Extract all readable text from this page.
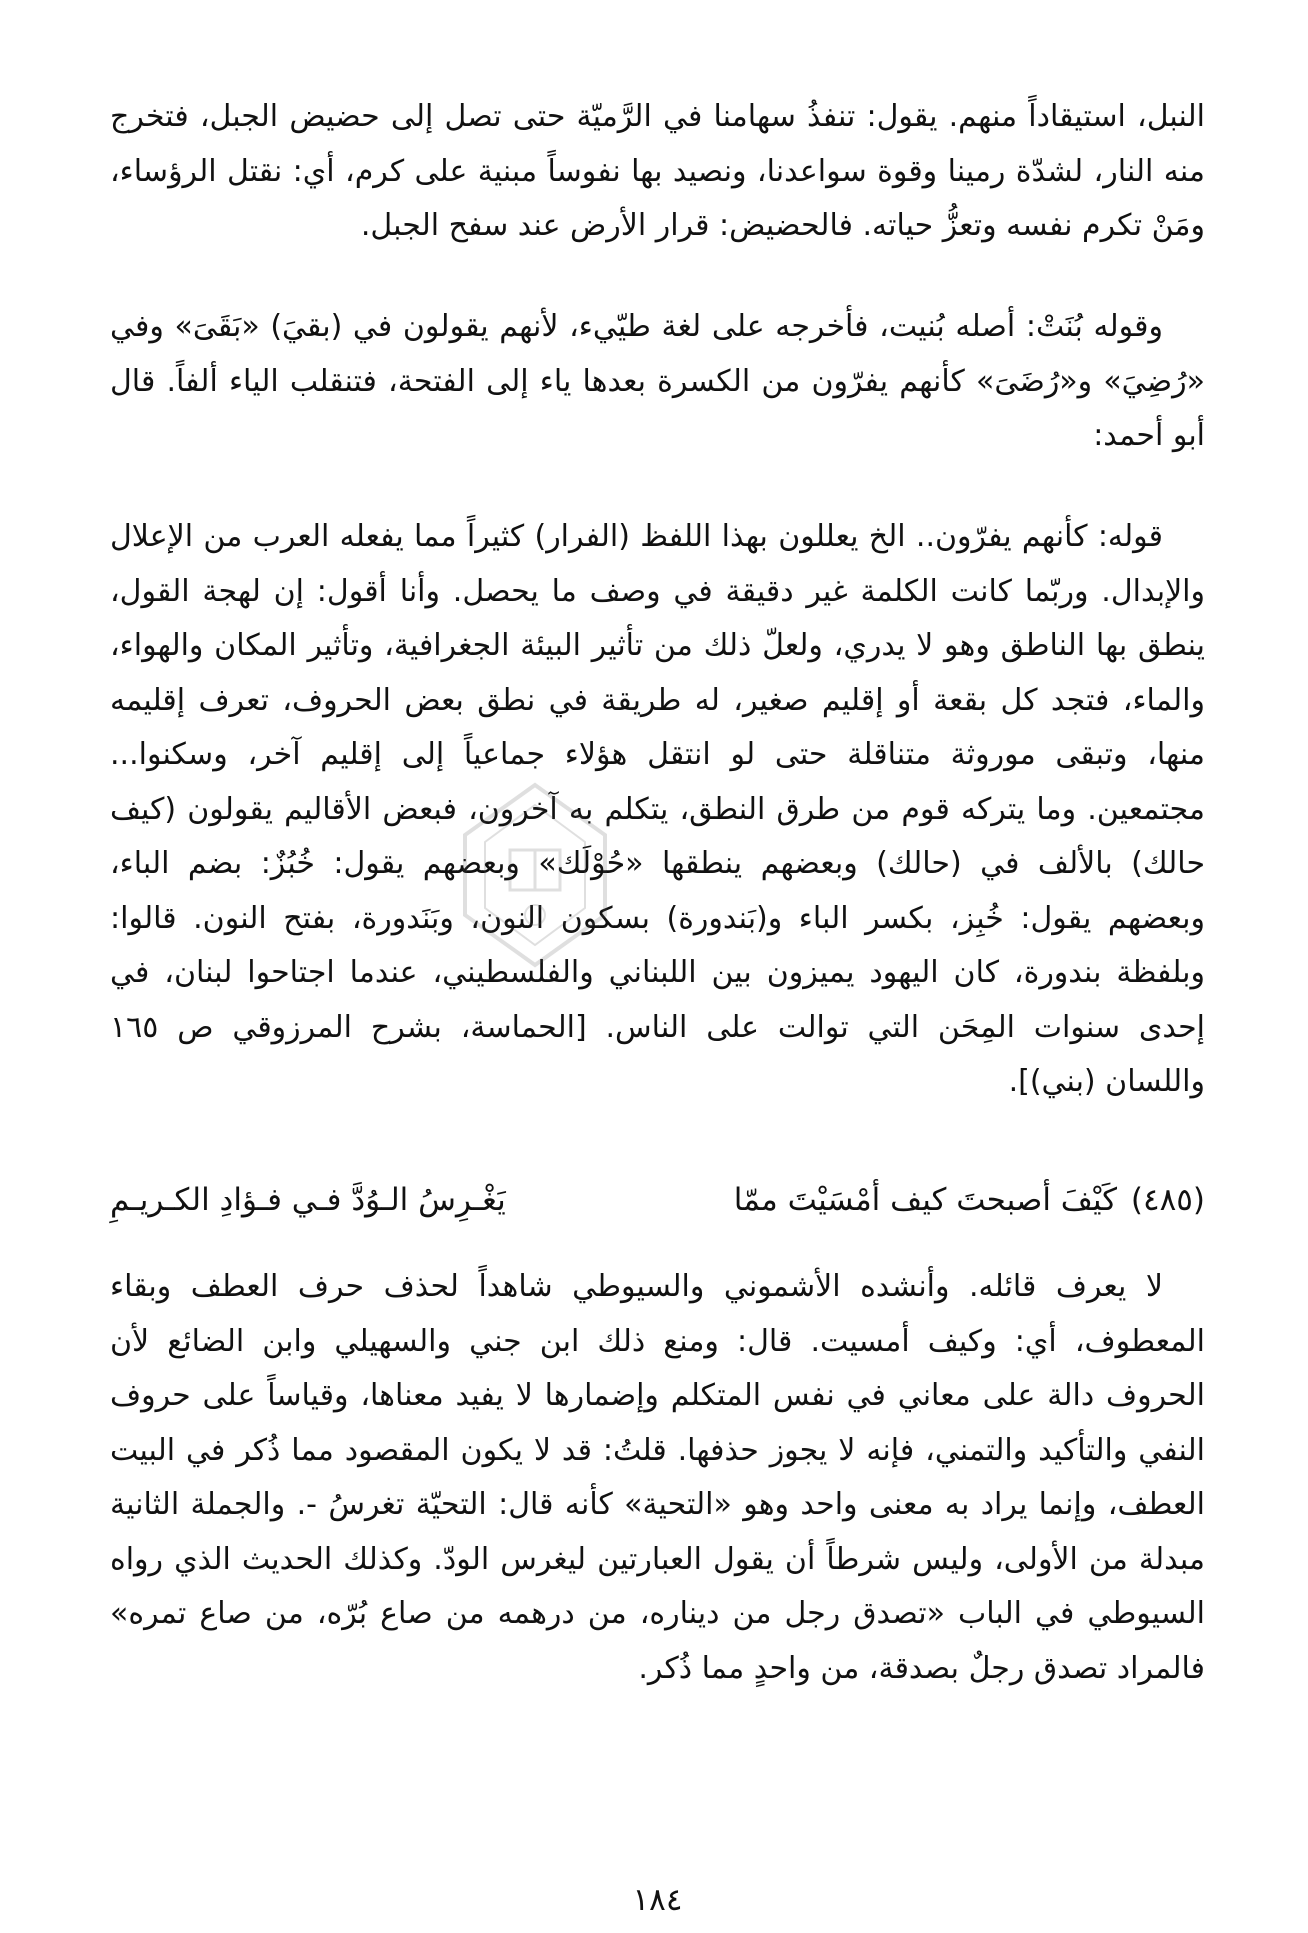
النبل، استيقاداً منهم. يقول: تنفذُ سهامنا في الرَّميّة حتى تصل إلى حضيض الجبل، فتخرج منه النار، لشدّة رمينا وقوة سواعدنا، ونصيد بها نفوساً مبنية على كرم، أي: نقتل الرؤساء، ومَنْ تكرم نفسه وتعزُّ حياته. فالحضيض: قرار الأرض عند سفح الجبل.

وقوله بُنَتْ: أصله بُنيت، فأخرجه على لغة طيّيء، لأنهم يقولون في (بقيَ) «بَقَىَ» وفي «رُضِيَ» و«رُضَىَ» كأنهم يفرّون من الكسرة بعدها ياء إلى الفتحة، فتنقلب الياء ألفاً. قال أبو أحمد:

قوله: كأنهم يفرّون.. الخ يعللون بهذا اللفظ (الفرار) كثيراً مما يفعله العرب من الإعلال والإبدال. وربّما كانت الكلمة غير دقيقة في وصف ما يحصل. وأنا أقول: إن لهجة القول، ينطق بها الناطق وهو لا يدري، ولعلّ ذلك من تأثير البيئة الجغرافية، وتأثير المكان والهواء، والماء، فتجد كل بقعة أو إقليم صغير، له طريقة في نطق بعض الحروف، تعرف إقليمه منها، وتبقى موروثة متناقلة حتى لو انتقل هؤلاء جماعياً إلى إقليم آخر، وسكنوا... مجتمعين. وما يتركه قوم من طرق النطق، يتكلم به آخرون، فبعض الأقاليم يقولون (كيف حالك) بالألف في (حالك) وبعضهم ينطقها «حُوْلَك» وبعضهم يقول: خُبُزٌ: بضم الباء، وبعضهم يقول: خُبِز، بكسر الباء و(بَندورة) بسكون النون، وبَنَدورة، بفتح النون. قالوا: وبلفظة بندورة، كان اليهود يميزون بين اللبناني والفلسطيني، عندما اجتاحوا لبنان، في إحدى سنوات المِحَن التي توالت على الناس. [الحماسة، بشرح المرزوقي ص ١٦٥ واللسان (بني)].

(٤٨٥)
كَيْفَ أصبحتَ كيف أمْسَيْتَ ممّا
يَغْـرِسُ الـوُدَّ فـي فـؤادِ الكـريـمِ

لا يعرف قائله. وأنشده الأشموني والسيوطي شاهداً لحذف حرف العطف وبقاء المعطوف، أي: وكيف أمسيت. قال: ومنع ذلك ابن جني والسهيلي وابن الضائع لأن الحروف دالة على معاني في نفس المتكلم وإضمارها لا يفيد معناها، وقياساً على حروف النفي والتأكيد والتمني، فإنه لا يجوز حذفها. قلتُ: قد لا يكون المقصود مما ذُكر في البيت العطف، وإنما يراد به معنى واحد وهو «التحية» كأنه قال: التحيّة تغرسُ -. والجملة الثانية مبدلة من الأولى، وليس شرطاً أن يقول العبارتين ليغرس الودّ. وكذلك الحديث الذي رواه السيوطي في الباب «تصدق رجل من ديناره، من درهمه من صاع بُرّه، من صاع تمره» فالمراد تصدق رجلٌ بصدقة، من واحدٍ مما ذُكر.

١٨٤
